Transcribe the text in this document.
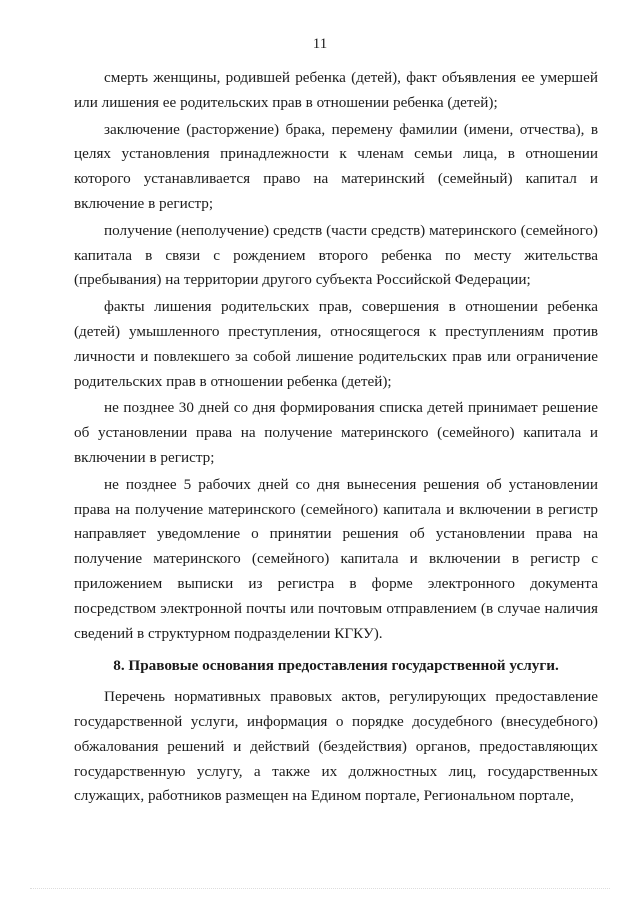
11

смерть женщины, родившей ребенка (детей), факт объявления ее умершей или лишения ее родительских прав в отношении ребенка (детей);

заключение (расторжение) брака, перемену фамилии (имени, отчества), в целях установления принадлежности к членам семьи лица, в отношении которого устанавливается право на материнский (семейный) капитал и включение в регистр;

получение (неполучение) средств (части средств) материнского (семейного) капитала в связи с рождением второго ребенка по месту жительства (пребывания) на территории другого субъекта Российской Федерации;

факты лишения родительских прав, совершения в отношении ребенка (детей) умышленного преступления, относящегося к преступлениям против личности и повлекшего за собой лишение родительских прав или ограничение родительских прав в отношении ребенка (детей);

не позднее 30 дней со дня формирования списка детей принимает решение об установлении права на получение материнского (семейного) капитала и включении в регистр;

не позднее 5 рабочих дней со дня вынесения решения об установлении права на получение материнского (семейного) капитала и включении в регистр направляет уведомление о принятии решения об установлении права на получение материнского (семейного) капитала и включении в регистр с приложением выписки из регистра в форме электронного документа посредством электронной почты или почтовым отправлением (в случае наличия сведений в структурном подразделении КГКУ).

8. Правовые основания предоставления государственной услуги.

Перечень нормативных правовых актов, регулирующих предоставление государственной услуги, информация о порядке досудебного (внесудебного) обжалования решений и действий (бездействия) органов, предоставляющих государственную услугу, а также их должностных лиц, государственных служащих, работников размещен на Едином портале, Региональном портале,
